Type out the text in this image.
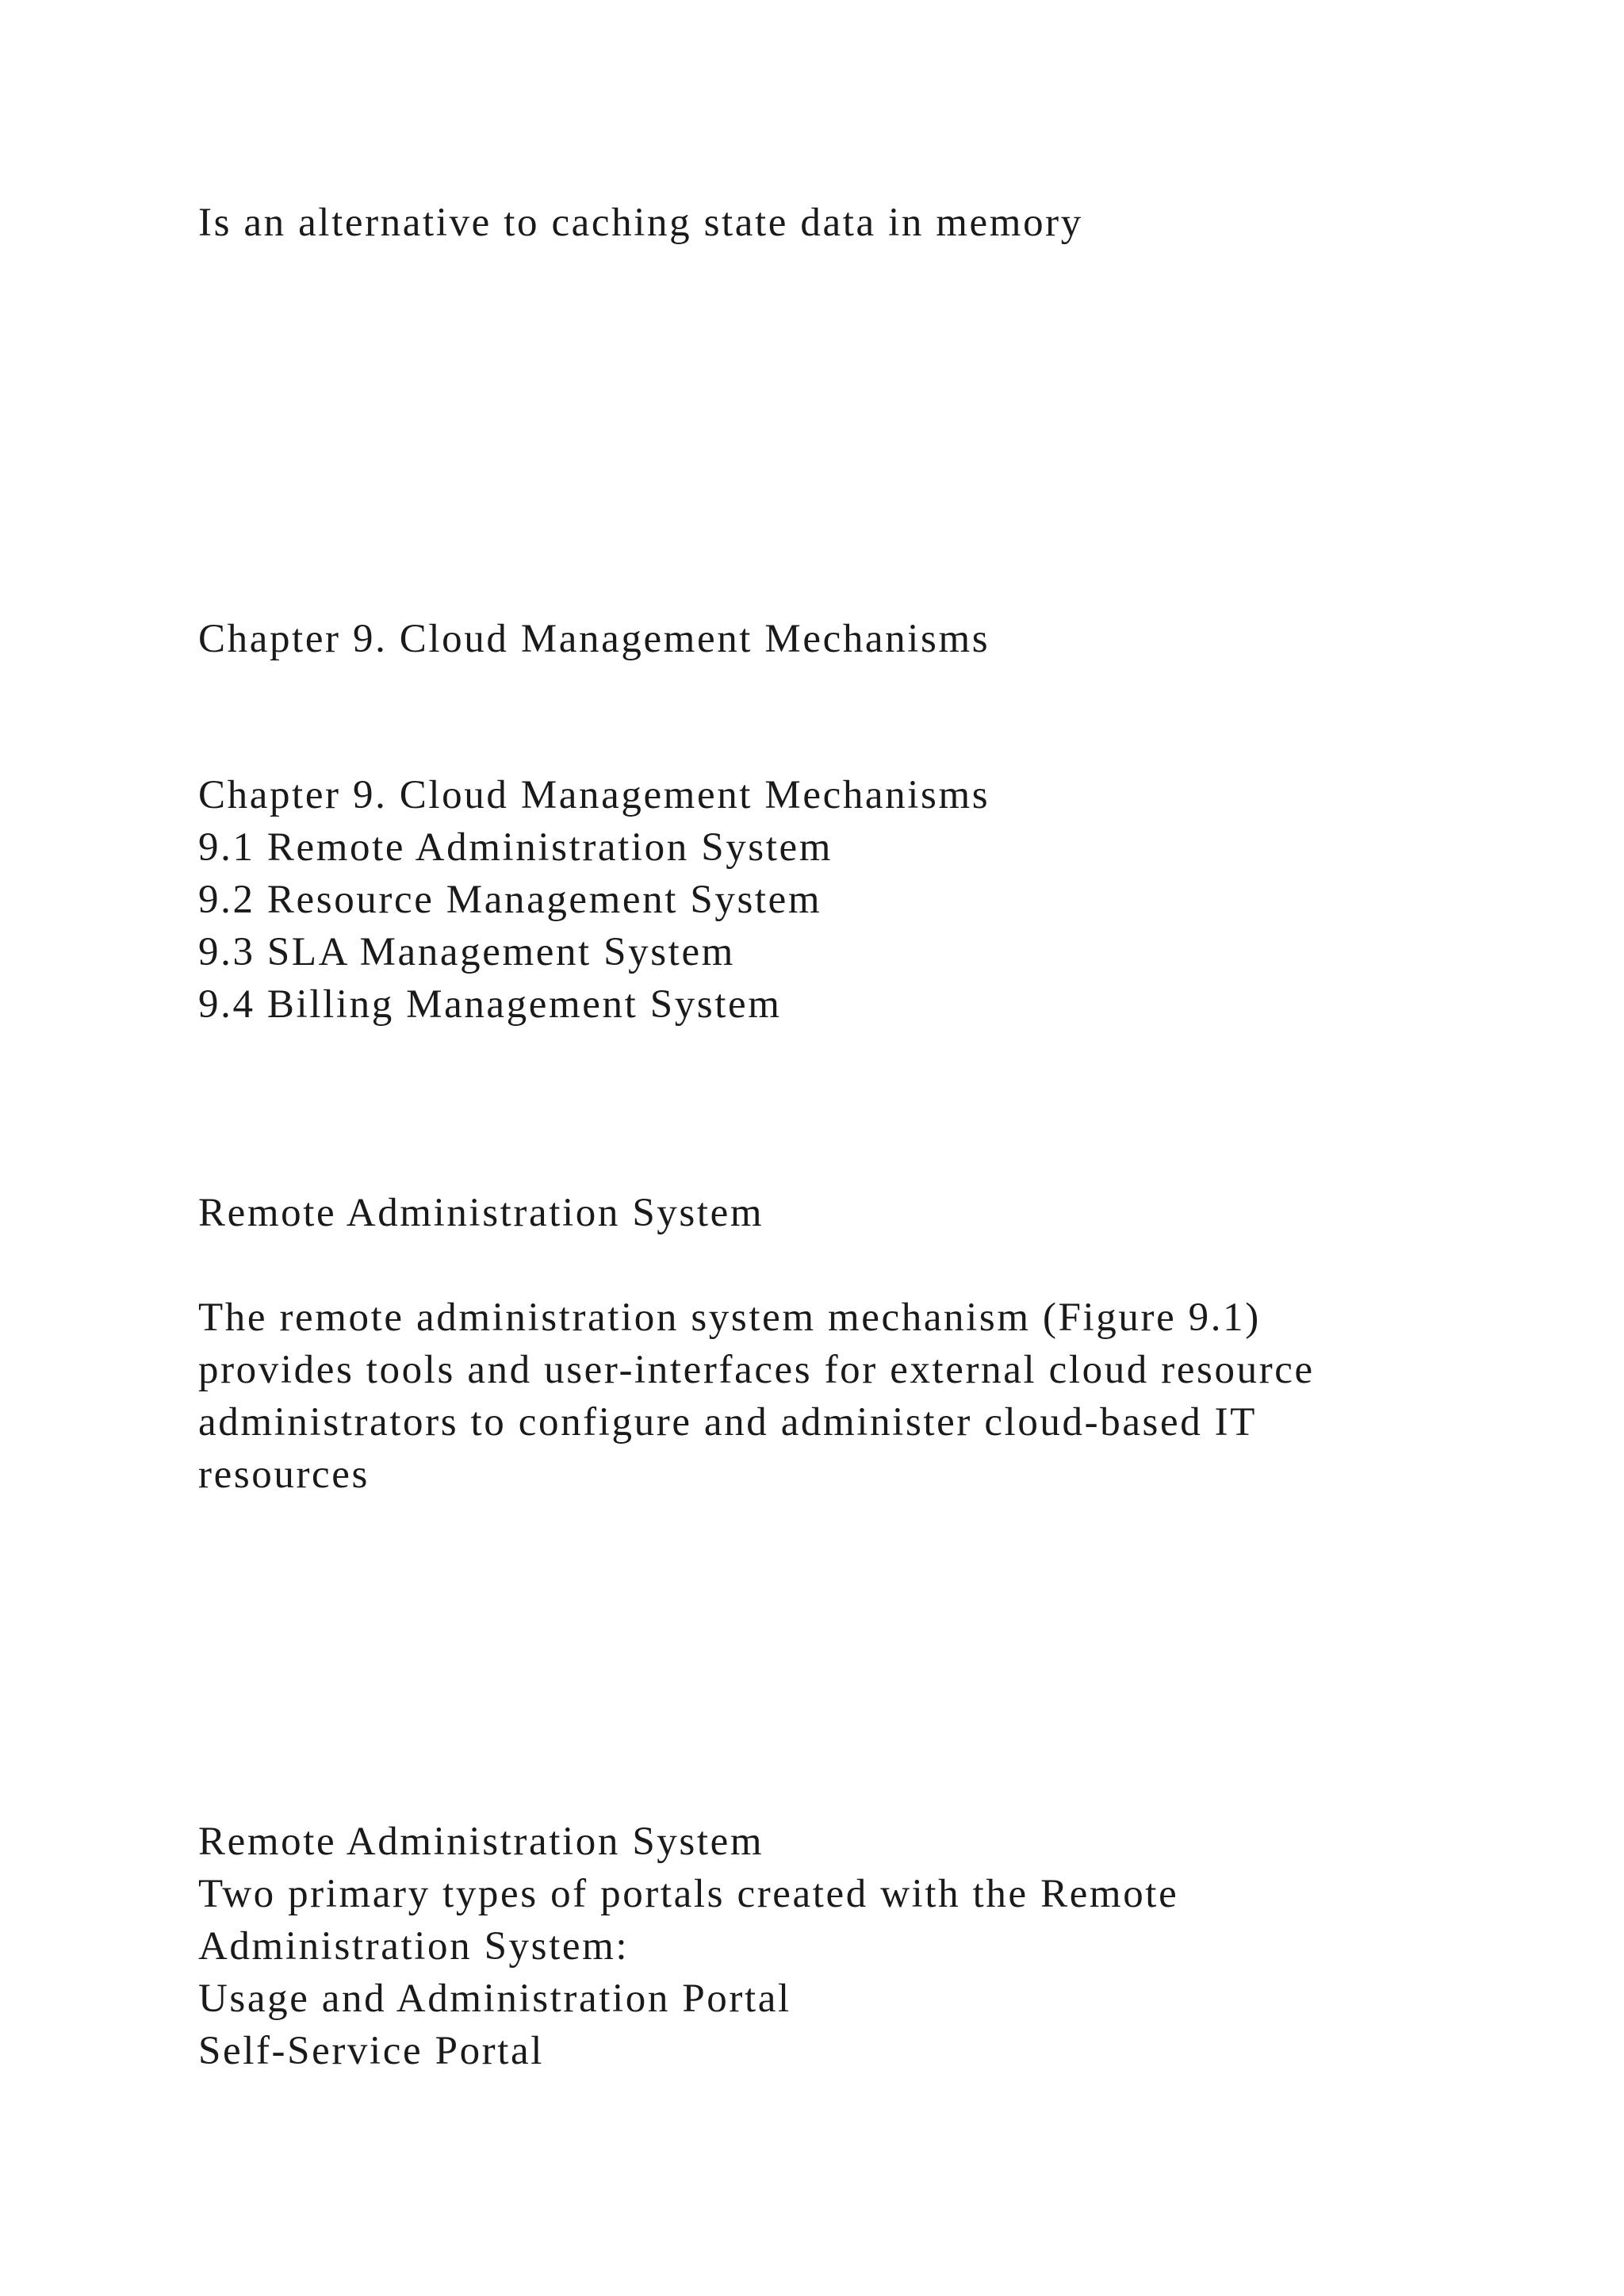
Is an alternative to caching state data in memory

Chapter 9. Cloud Management Mechanisms

Chapter 9. Cloud Management Mechanisms

9.1 Remote Administration System

9.2 Resource Management System

9.3 SLA Management System

9.4 Billing Management System

Remote Administration System

The remote administration system mechanism (Figure 9.1)

provides tools and user-interfaces for external cloud resource

administrators to configure and administer cloud-based IT

resources

Remote Administration System

Two primary types of portals created with the Remote

Administration System:

Usage and Administration Portal

Self-Service Portal
